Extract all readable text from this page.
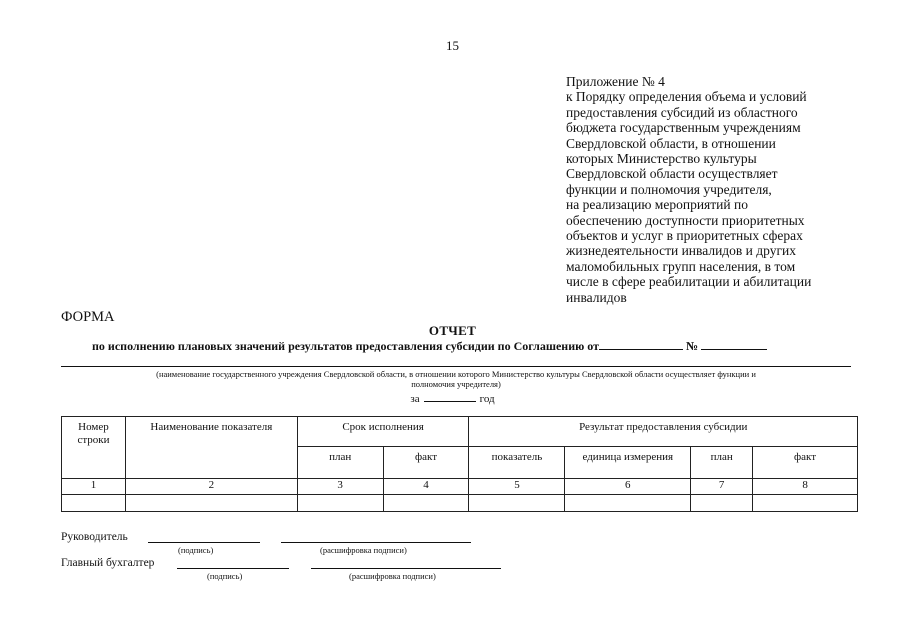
15
Приложение № 4
к Порядку определения объема и условий
предоставления субсидий из областного
бюджета государственным учреждениям
Свердловской области, в отношении
которых Министерство культуры
Свердловской области осуществляет
функции и полномочия учредителя,
на реализацию мероприятий по
обеспечению доступности приоритетных
объектов и услуг в приоритетных сферах
жизнедеятельности инвалидов и других
маломобильных групп населения, в том
числе в сфере реабилитации и абилитации
инвалидов
ФОРМА
ОТЧЕТ
по исполнению плановых значений результатов предоставления субсидии по Соглашению от	№
(наименование государственного учреждения Свердловской области, в отношении которого Министерство культуры Свердловской области осуществляет функции и
полномочия учредителя)
за	год
Номер строки	Наименование показателя	Срок исполнения		Результат предоставления субсидии			
		план	факт	показатель	единица измерения	план	факт
1	2	3	4	5	6	7	8

Руководитель
(подпись)	(расшифровка подписи)
Главный бухгалтер
(подпись)	(расшифровка подписи)
